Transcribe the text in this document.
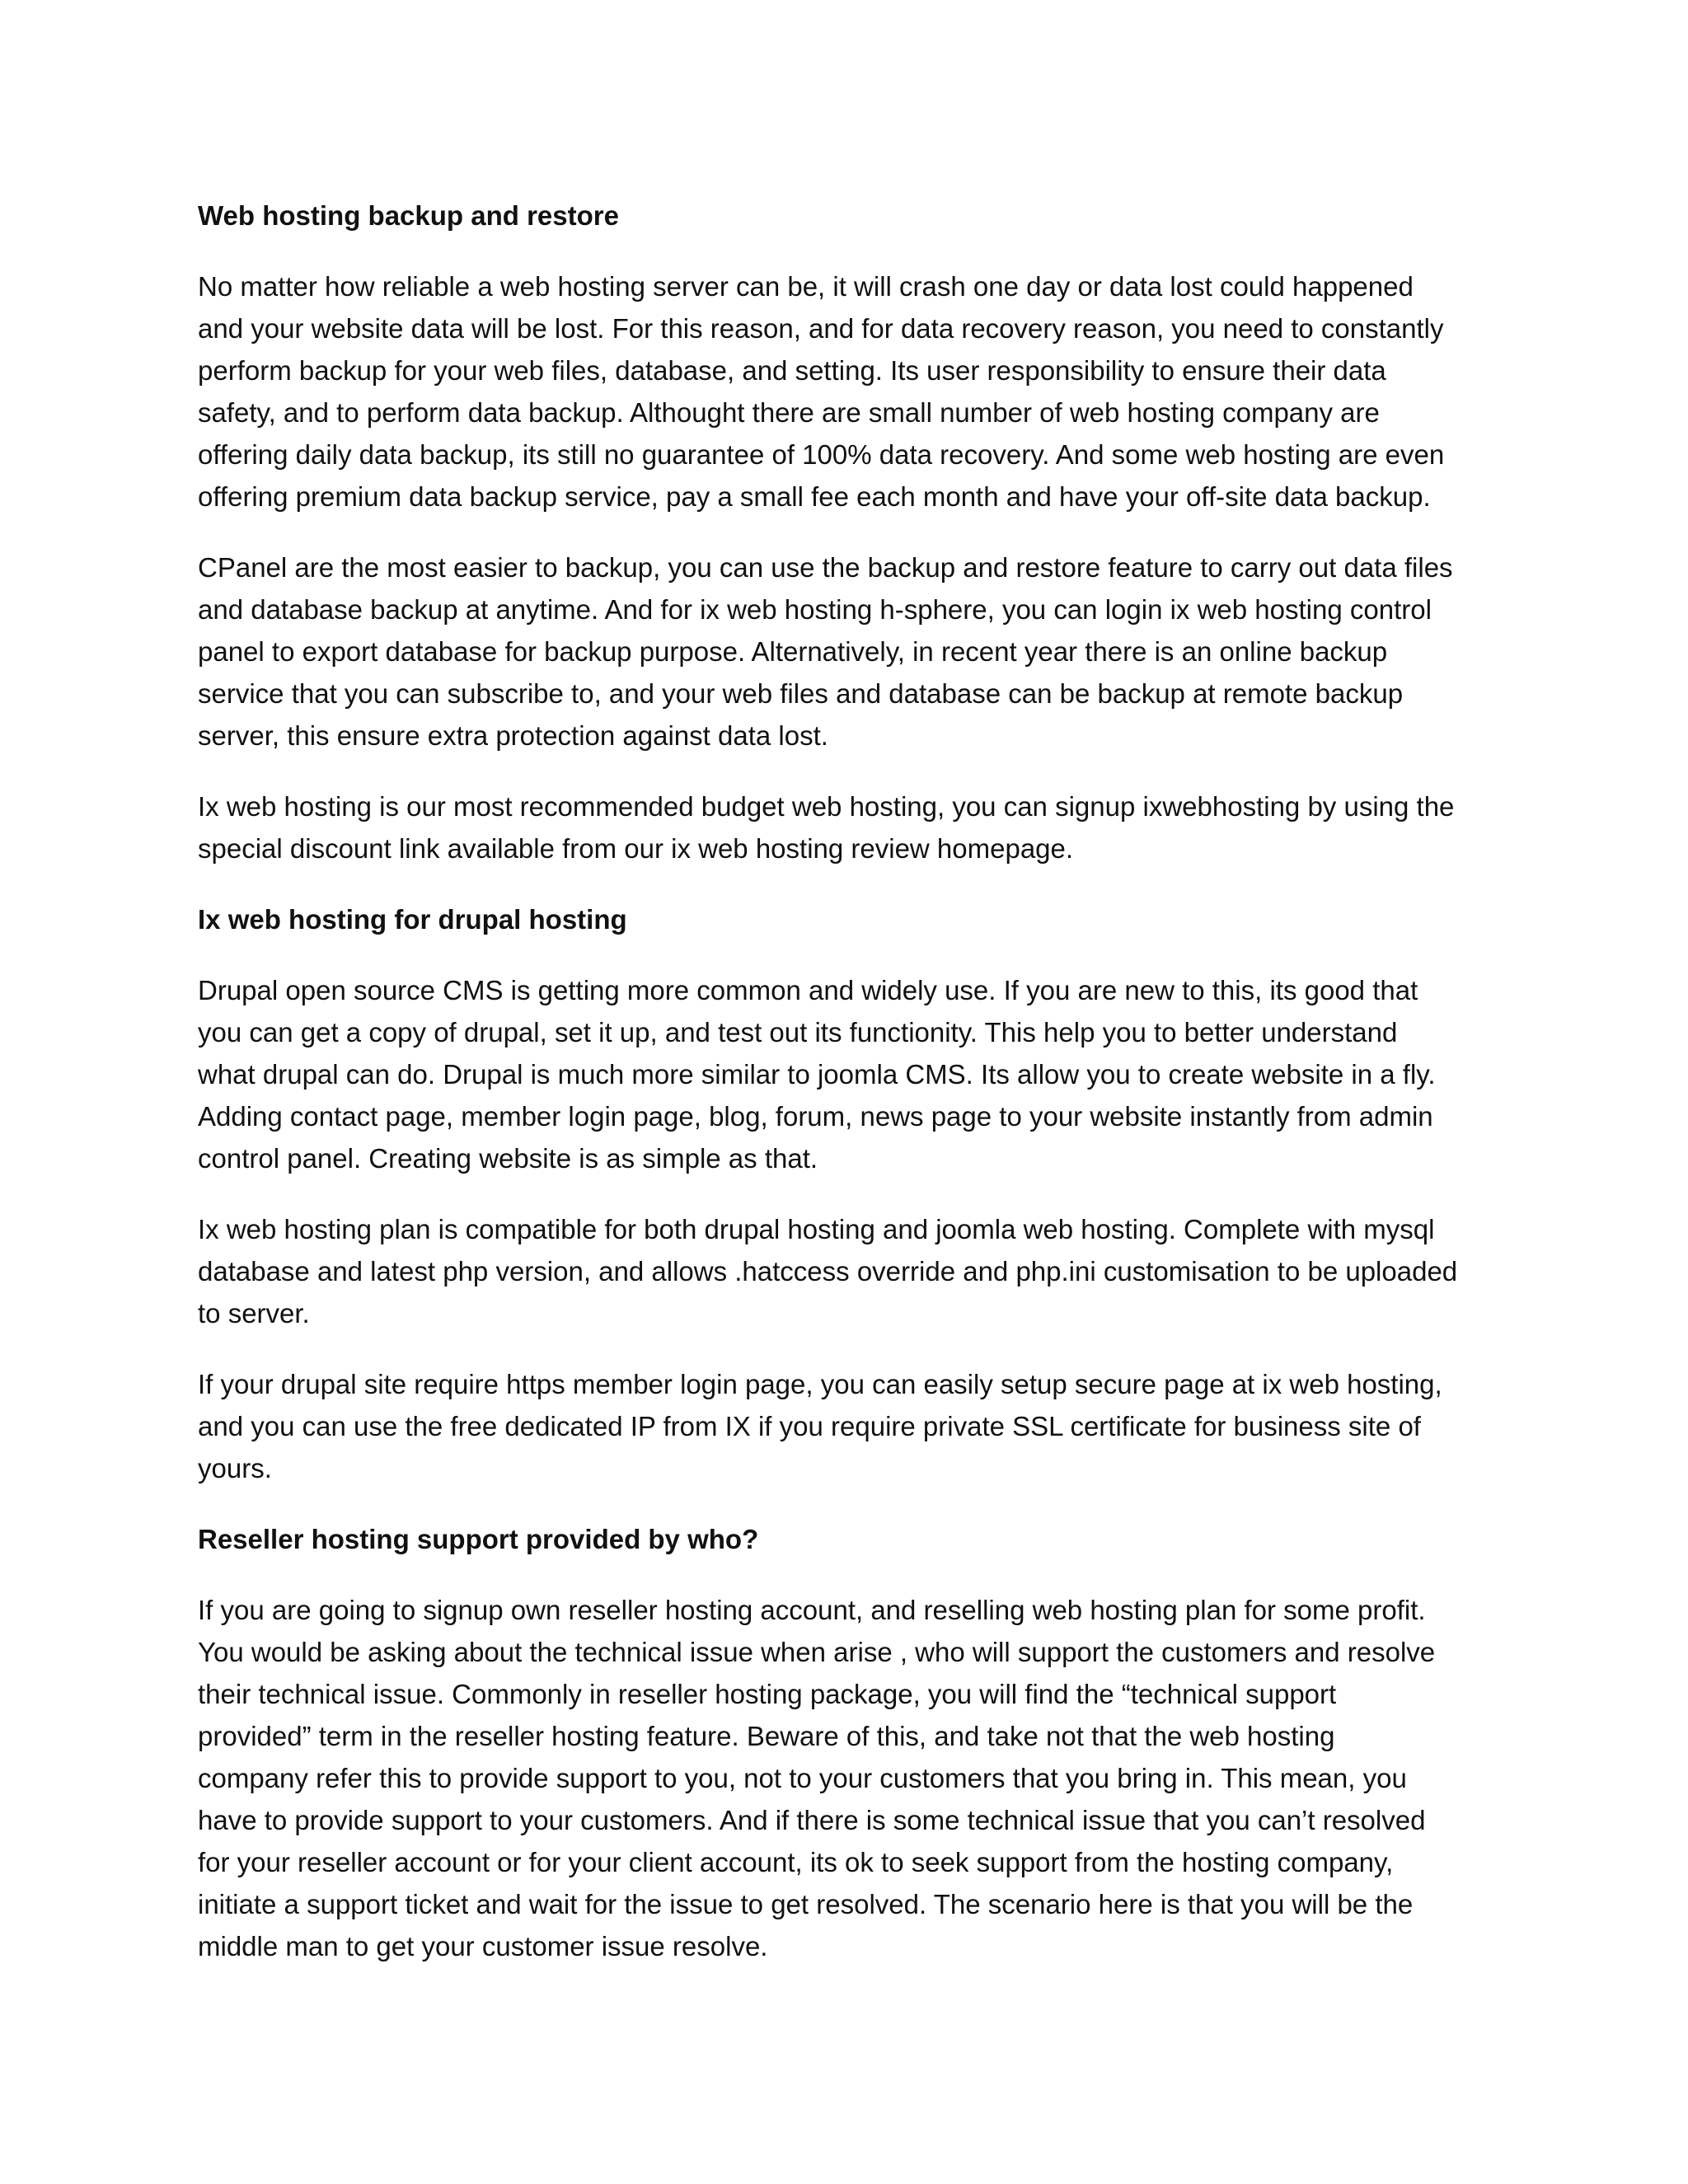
Web hosting backup and restore
No matter how reliable a web hosting server can be, it will crash one day or data lost could happened
and your website data will be lost. For this reason, and for data recovery reason, you need to constantly
perform backup for your web files, database, and setting. Its user responsibility to ensure their data
safety, and to perform data backup. Althought there are small number of web hosting company are
offering daily data backup, its still no guarantee of 100% data recovery. And some web hosting are even
offering premium data backup service, pay a small fee each month and have your off-site data backup.
CPanel are the most easier to backup, you can use the backup and restore feature to carry out data files
and database backup at anytime. And for ix web hosting h-sphere, you can login ix web hosting control
panel to export database for backup purpose. Alternatively, in recent year there is an online backup
service that you can subscribe to, and your web files and database can be backup at remote backup
server, this ensure extra protection against data lost.
Ix web hosting is our most recommended budget web hosting, you can signup ixwebhosting by using the
special discount link available from our ix web hosting review homepage.
Ix web hosting for drupal hosting
Drupal open source CMS is getting more common and widely use. If you are new to this, its good that
you can get a copy of drupal, set it up, and test out its functionity. This help you to better understand
what drupal can do. Drupal is much more similar to joomla CMS. Its allow you to create website in a fly.
Adding contact page, member login page, blog, forum, news page to your website instantly from admin
control panel. Creating website is as simple as that.
Ix web hosting plan is compatible for both drupal hosting and joomla web hosting. Complete with mysql
database and latest php version, and allows .hatccess override and php.ini customisation to be uploaded
to server.
If your drupal site require https member login page, you can easily setup secure page at ix web hosting,
and you can use the free dedicated IP from IX if you require private SSL certificate for business site of
yours.
Reseller hosting support provided by who?
If you are going to signup own reseller hosting account, and reselling web hosting plan for some profit.
You would be asking about the technical issue when arise , who will support the customers and resolve
their technical issue. Commonly in reseller hosting package, you will find the “technical support
provided” term in the reseller hosting feature. Beware of this, and take not that the web hosting
company refer this to provide support to you, not to your customers that you bring in. This mean, you
have to provide support to your customers. And if there is some technical issue that you can’t resolved
for your reseller account or for your client account, its ok to seek support from the hosting company,
initiate a support ticket and wait for the issue to get resolved. The scenario here is that you will be the
middle man to get your customer issue resolve.
